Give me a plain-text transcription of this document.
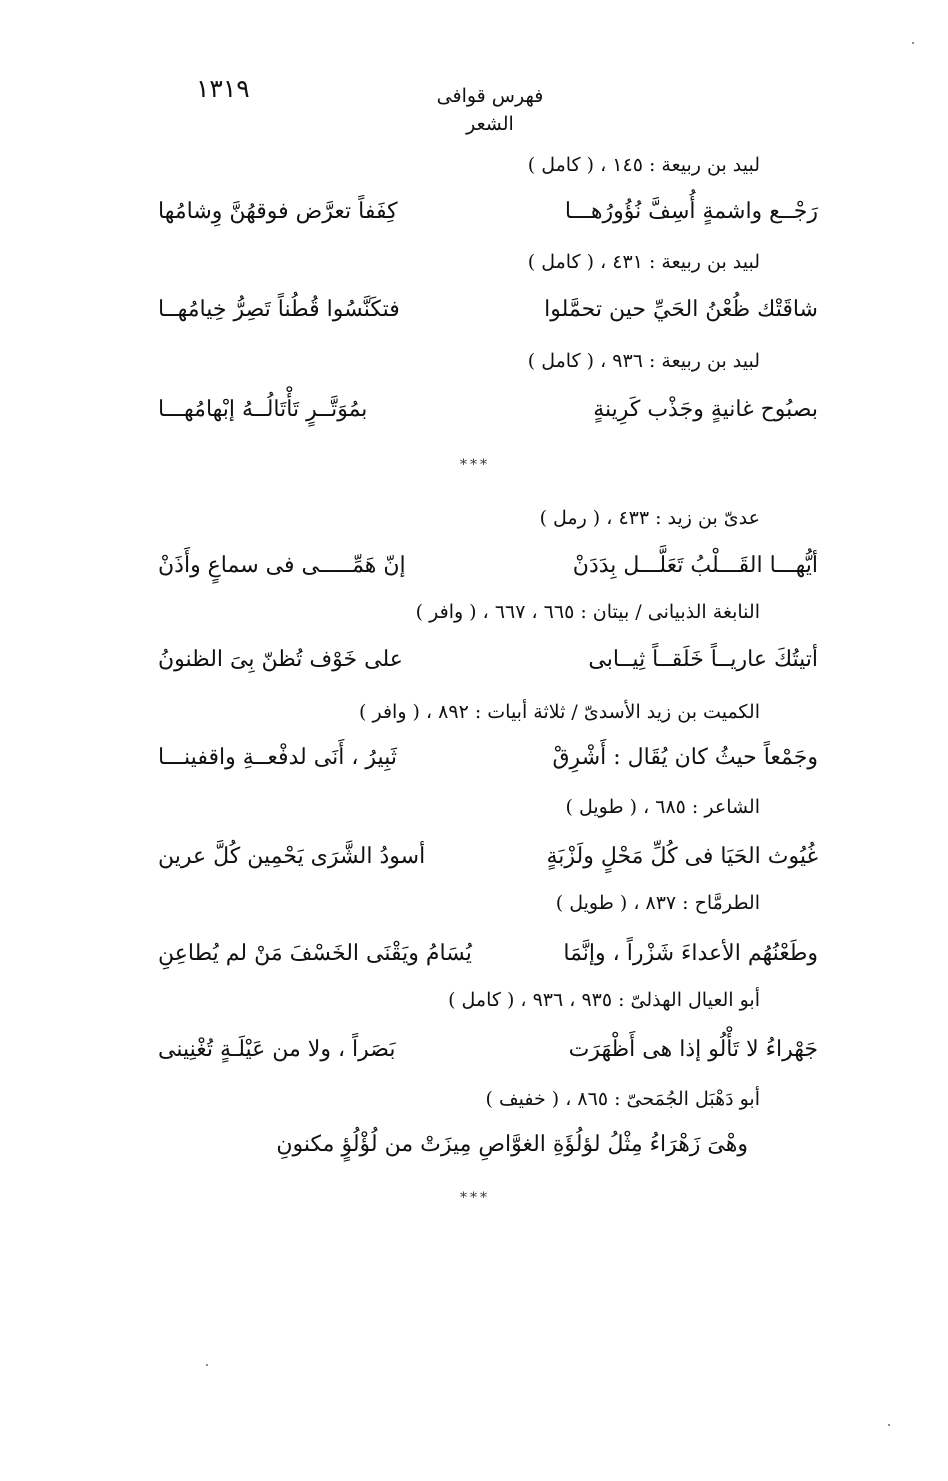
١٣١٩	فهرس قوافى الشعر
لبيد بن ربيعة : ١٤٥ ، ( كامل )
رَجْــع واشمةٍ أُسِفَّ نُؤُورُهـــا
كِفَفاً تعرَّض فوقهُنَّ وِشامُها
لبيد بن ربيعة : ٤٣١ ، ( كامل )
شاقَتْك ظُعْنُ الحَيِّ حين تحمَّلوا
فتكَنَّسُوا قُطُناً تَصِرُّ خِيامُهــا
لبيد بن ربيعة : ٩٣٦ ، ( كامل )
بصبُوح غانيةٍ وجَذْب كَرِينةٍ
بمُوَتَّــرٍ تَأْتَالُــهُ إبْهامُهـــا
***
عدىّ بن زيد : ٤٣٣ ، ( رمل )
أيُّهـــا القَـــلْبُ تَعَلَّـــل بِدَدَنْ
إنّ هَمِّـــــى فى سماعٍ وأَذَنْ
النابغة الذبيانى / بيتان : ٦٦٥ ، ٦٦٧ ، ( وافر )
أتيتُكَ عاريــاً خَلَقــاً ثِيــابى
على خَوْف تُظنّ بِىَ الظنونُ
الكميت بن زيد الأسدىّ / ثلاثة أبيات : ٨٩٢ ، ( وافر )
وجَمْعاً حيثُ كان يُقَال : أَشْرِقْ
ثَبِيرُ ، أَنَى لدفْعــةِ واقفينـــا
الشاعر : ٦٨٥ ، ( طويل )
غُيُوث الحَيَا فى كُلِّ مَحْلٍ ولَزْبَةٍ
أسودُ الشَّرَى يَحْمِين كُلَّ عرين
الطرمَّاح : ٨٣٧ ، ( طويل )
وطَعْنُهُم الأعداءَ شَزْراً ، وإنَّمَا
يُسَامُ ويَقْنَى الخَسْفَ مَنْ لم يُطاعِنِ
أبو العيال الهذلىّ : ٩٣٥ ، ٩٣٦ ، ( كامل )
جَهْراءُ لا تَأْلُو إذا هى أَظْهَرَت
بَصَراً ، ولا من عَيْلَـةٍ تُغْنِينى
أبو دَهْبَل الجُمَحىّ : ٨٦٥ ، ( خفيف )
وهْىَ زَهْرَاءُ مِثْلُ لؤلُؤَةِ الغوَّاصِ مِيزَتْ من لُؤْلُؤٍ مكنونِ
***
